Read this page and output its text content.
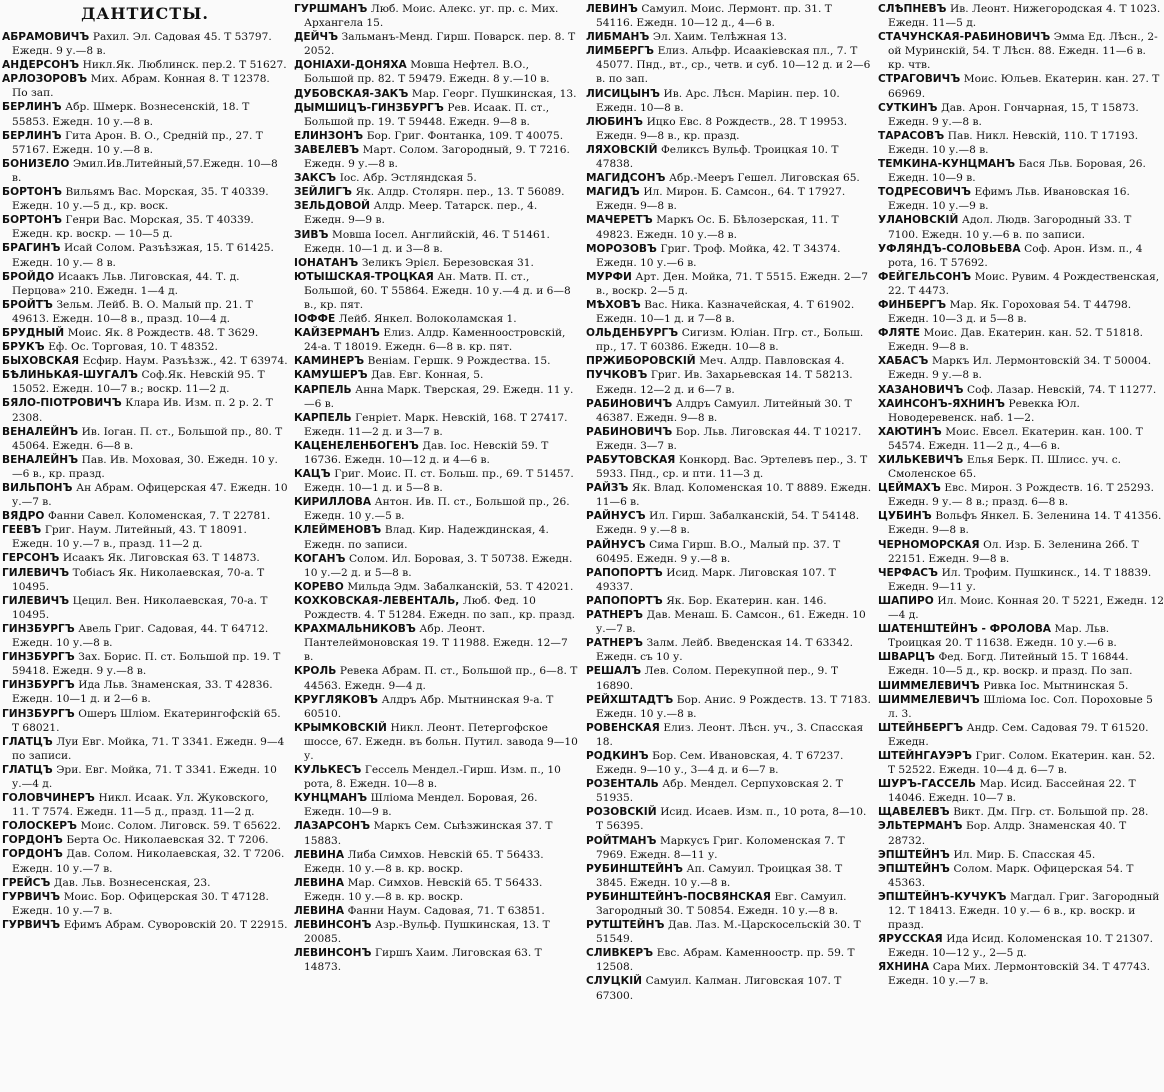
ДАНТИСТЫ.

АБРАМОВИЧЪ Рахил. Эл. Садовая 45. Т 53797. Ежедн. 9 у.—8 в.

АНДЕРСОНЪ Никл.Як. Люблинск. пер.2. Т 51627.

АРЛОЗОРОВЪ Мих. Абрам. Конная 8. Т 12378. По зап.

БЕРЛИНЪ Абр. Шмерк. Вознесенскій, 18. Т 55853. Ежедн. 10 у.—8 в.

БЕРЛИНЪ Гита Арон. В. О., Средній пр., 27. Т 57167. Ежедн. 10 у.—8 в.

БОНИЗЕЛО Эмил.Ив.Литейный,57.Ежедн. 10—8 в.

БОРТОНЪ Вильямъ Вас. Морская, 35. Т 40339. Ежедн. 10 у.—5 д., кр. воск.

БОРТОНЪ Генри Вас. Морская, 35. Т 40339. Ежедн. кр. воскр. — 10—5 д.

БРАГИНЪ Исай Солом. Разъѣзжая, 15. Т 61425. Ежедн. 10 у.— 8 в.

БРОЙДО Исаакъ Льв. Лиговская, 44. Т. д. Перцова» 210. Ежедн. 1—4 д.

БРОЙТЪ Зельм. Лейб. В. О. Малый пр. 21. Т 49613. Ежедн. 10—8 в., празд. 10—4 д.

БРУДНЫЙ Моис. Як. 8 Рождеств. 48. Т 3629.

БРУКЪ Еф. Ос. Торговая, 10. Т 48352.

БЫХОВСКАЯ Есфир. Наум. Разъѣзж., 42. Т 63974.

БѢЛИНЬКАЯ-ШУГАЛЪ Соф.Як. Невскій 95. Т 15052. Ежедн. 10—7 в.; воскр. 11—2 д.

БЯЛО-ПІОТРОВИЧЪ Клара Ив. Изм. п. 2 р. 2. Т 2308.

ВЕНАЛЕЙНЪ Ив. Іоган. П. ст., Большой пр., 80. Т 45064. Ежедн. 6—8 в.

ВЕНАЛЕЙНЪ Пав. Ив. Моховая, 30. Ежедн. 10 у.—6 в., кр. празд.

ВИЛЬПОНЪ Ан Абрам. Офицерская 47. Ежедн. 10 у.—7 в.

ВЯДРО Фанни Савел. Коломенская, 7. Т 22781.

ГЕЕВЪ Григ. Наум. Литейный, 43. Т 18091. Ежедн. 10 у.—7 в., празд. 11—2 д.

ГЕРСОНЪ Исаакъ Як. Лиговская 63. Т 14873.

ГИЛЕВИЧЪ Тобіасъ Як. Николаевская, 70-а. Т 10495.

ГИЛЕВИЧЪ Цецил. Вен. Николаевская, 70-а. Т 10495.

ГИНЗБУРГЪ Авель Григ. Садовая, 44. Т 64712. Ежедн. 10 у.—8 в.

ГИНЗБУРГЪ Зах. Борис. П. ст. Большой пр. 19. Т 59418. Ежедн. 9 у.—8 в.

ГИНЗБУРГЪ Ида Льв. Знаменская, 33. Т 42836. Ежедн. 10—1 д. и 2—6 в.

ГИНЗБУРГЪ Ошеръ Шліом. Екатерингофскій 65. Т 68021.

ГЛАТЦЪ Луи Евг. Мойка, 71. Т 3341. Ежедн. 9—4 по записи.

ГЛАТЦЪ Эри. Евг. Мойка, 71. Т 3341. Ежедн. 10 у.—4 д.

ГОЛОВЧИНЕРЪ Никл. Исаак. Ул. Жуковского, 11. Т 7574. Ежедн. 11—5 д., празд. 11—2 д.

ГОЛОСКЕРЪ Моис. Солом. Лиговск. 59. Т 65622.

ГОРДОНЪ Берта Ос. Николаевская 32. Т 7206.

ГОРДОНЪ Дав. Солом. Николаевская, 32. Т 7206. Ежедн. 10 у.—7 в.

ГРЕЙСЪ Дав. Льв. Вознесенская, 23.

ГУРВИЧЪ Моис. Бор. Офицерская 30. Т 47128. Ежедн. 10 у.—7 в.

ГУРВИЧЪ Ефимъ Абрам. Суворовскій 20. Т 22915.

ГУРШМАНЪ Люб. Моис. Алекс. уг. пр. с. Мих. Архангела 15.

ДЕЙЧЪ Зальманъ-Менд. Гирш. Поварск. пер. 8. Т 2052.

ДОНІАХИ-ДОНЯХА Мовша Нефтел. В.О., Большой пр. 82. Т 59479. Ежедн. 8 у.—10 в.

ДУБОВСКАЯ-ЗАКЪ Мар. Георг. Пушкинская, 13.

ДЫМШИЦЪ-ГИНЗБУРГЪ Рев. Исаак. П. ст., Большой пр. 19. Т 59448. Ежедн. 9—8 в.

ЕЛИНЗОНЪ Бор. Григ. Фонтанка, 109. Т 40075.

ЗАВЕЛЕВЪ Март. Солом. Загородный, 9. Т 7216. Ежедн. 9 у.—8 в.

ЗАКСЪ Іос. Абр. Эстляндская 5.

ЗЕЙЛИГЪ Як. Алдр. Столярн. пер., 13. Т 56089.

ЗЕЛЬДОВОЙ Алдр. Меер. Татарск. пер., 4. Ежедн. 9—9 в.

ЗИВЪ Мовша Іосел. Английскій, 46. Т 51461. Ежедн. 10—1 д. и 3—8 в.

ІОНАТАНЪ Зеликъ Эрієл. Березовская 31.

ЮТЫШСКАЯ-ТРОЦКАЯ Ан. Матв. П. ст., Большой, 60. Т 55864. Ежедн. 10 у.—4 д. и 6—8 в., кр. пят.

ІОФФЕ Лейб. Янкел. Волоколамская 1.

КАЙЗЕРМАНЪ Елиз. Алдр. Каменноостровскій, 24-а. Т 18019. Ежедн. 6—8 в. кр. пят.

КАМИНЕРЪ Веніам. Гершк. 9 Рождества. 15.

КАМУШЕРЪ Дав. Евг. Конная, 5.

КАРПЕЛЬ Анна Марк. Тверская, 29. Ежедн. 11 у.—6 в.

КАРПЕЛЬ Генріет. Марк. Невскій, 168. Т 27417. Ежедн. 11—2 д. и 3—7 в.

КАЦЕНЕЛЕНБОГЕНЪ Дав. Іос. Невскій 59. Т 16736. Ежедн. 10—12 д. и 4—6 в.

КАЦЪ Григ. Моис. П. ст. Больш. пр., 69. Т 51457. Ежедн. 10—1 д. и 5—8 в.

КИРИЛЛОВА Антон. Ив. П. ст., Большой пр., 26. Ежедн. 10 у.—5 в.

КЛЕЙМЕНОВЪ Влад. Кир. Надеждинская, 4. Ежедн. по записи.

КОГАНЪ Солом. Ил. Боровая, 3. Т 50738. Ежедн. 10 у.—2 д. и 5—8 в.

КОРЕВО Мильда Эдм. Забалканскій, 53. Т 42021.

КОХКОВСКАЯ-ЛЕВЕНТАЛЬ, Люб. Фед. 10 Рождеств. 4. Т 51284. Ежедн. по зап., кр. празд.

КРАХМАЛЬНИКОВЪ Абр. Леонт. Пантелеймоновская 19. Т 11988. Ежедн. 12—7 в.

КРОЛЬ Ревека Абрам. П. ст., Большой пр., 6—8. Т 44563. Ежедн. 9—4 д.

КРУГЛЯКОВЪ Алдръ Абр. Мытнинская 9-а. Т 60510.

КРЫМКОВСКІЙ Никл. Леонт. Петергофское шоссе, 67. Ежедн. въ больн. Путил. завода 9—10 у.

КУЛЬКЕСЪ Гессель Мендел.-Гирш. Изм. п., 10 рота, 8. Ежедн. 10—8 в.

КУНЦМАНЪ Шліома Мендел. Боровая, 26. Ежедн. 10—9 в.

ЛАЗАРСОНЪ Маркъ Сем. Сыѣзжинская 37. Т 15883.

ЛЕВИНА Либа Симхов. Невскій 65. Т 56433. Ежедн. 10 у.—8 в. кр. воскр.

ЛЕВИНА Мар. Симхов. Невскій 65. Т 56433. Ежедн. 10 у.—8 в. кр. воскр.

ЛЕВИНА Фанни Наум. Садовая, 71. Т 63851.

ЛЕВИНСОНЪ Азр.-Вульф. Пушкинская, 13. Т 20085.

ЛЕВИНСОНЪ Гиршъ Хаим. Лиговская 63. Т 14873.

ЛЕВИНЪ Самуил. Моис. Лермонт. пр. 31. Т 54116. Ежедн. 10—12 д., 4—6 в.

ЛИБМАНЪ Эл. Хаим. Телѣжная 13.

ЛИМБЕРГЪ Елиз. Альфр. Исаакіевская пл., 7. Т 45077. Пнд., вт., ср., четв. и суб. 10—12 д. и 2—6 в. по зап.

ЛИСИЦЫНЪ Ив. Арс. Лѣсн. Маріин. пер. 10. Ежедн. 10—8 в.

ЛЮБИНЪ Ицко Евс. 8 Рождеств., 28. Т 19953. Ежедн. 9—8 в., кр. празд.

ЛЯХОВСКІЙ Феликсъ Вульф. Троицкая 10. Т 47838.

МАГИДСОНЪ Абр.-Мееръ Гешел. Лиговская 65.

МАГИДЪ Ил. Мирон. Б. Самсон., 64. Т 17927. Ежедн. 9—8 в.

МАЧЕРЕТЪ Маркъ Ос. Б. Бѣлозерская, 11. Т 49823. Ежедн. 10 у.—8 в.

МОРОЗОВЪ Григ. Троф. Мойка, 42. Т 34374. Ежедн. 10 у.—6 в.

МУРФИ Арт. Ден. Мойка, 71. Т 5515. Ежедн. 2—7 в., воскр. 2—5 д.

МѢХОВЪ Вас. Ника. Казначейская, 4. Т 61902. Ежедн. 10—1 д. и 7—8 в.

ОЛЬДЕНБУРГЪ Сигизм. Юліан. Пгр. ст., Больш. пр., 17. Т 60386. Ежедн. 10—8 в.

ПРЖИБОРОВСКІЙ Меч. Алдр. Павловская 4.

ПУЧКОВЪ Григ. Ив. Захарьевская 14. Т 58213. Ежедн. 12—2 д. и 6—7 в.

РАБИНОВИЧЪ Алдръ Самуил. Литейный 30. Т 46387. Ежедн. 9—8 в.

РАБИНОВИЧЪ Бор. Льв. Лиговская 44. Т 10217. Ежедн. 3—7 в.

РАБУТОВСКАЯ Конкорд. Вас. Эртелевъ пер., 3. Т 5933. Пнд., ср. и пти. 11—3 д.

РАЙЗЪ Як. Влад. Коломенская 10. Т 8889. Ежедн. 11—6 в.

РАЙНУСЪ Ил. Гирш. Забалканскій, 54. Т 54148. Ежедн. 9 у.—8 в.

РАЙНУСЪ Сима Гирш. В.О., Малый пр. 37. Т 60495. Ежедн. 9 у.—8 в.

РАПОПОРТЪ Исид. Марк. Лиговская 107. Т 49337.

РАПОПОРТЪ Як. Бор. Екатерин. кан. 146.

РАТНЕРЪ Дав. Менаш. Б. Самсон., 61. Ежедн. 10 у.—7 в.

РАТНЕРЪ Залм. Лейб. Введенская 14. Т 63342. Ежедн. съ 10 у.

РЕШАЛЪ Лев. Солом. Перекупной пер., 9. Т 16890.

РЕЙХШТАДТЪ Бор. Анис. 9 Рождеств. 13. Т 7183. Ежедн. 10 у.—8 в.

РОВЕНСКАЯ Елиз. Леонт. Лѣсн. уч., 3. Спасская 18.

РОДКИНЪ Бор. Сем. Ивановская, 4. Т 67237. Ежедн. 9—10 у., 3—4 д. и 6—7 в.

РОЗЕНТАЛЬ Абр. Мендел. Серпуховская 2. Т 51935.

РОЗОВСКІЙ Исид. Исаев. Изм. п., 10 рота, 8—10. Т 56395.

РОЙТМАНЪ Маркусъ Григ. Коломенская 7. Т 7969. Ежедн. 8—11 у.

РУБИНШТЕЙНЪ Ап. Самуил. Троицкая 38. Т 3845. Ежедн. 10 у.—8 в.

РУБИНШТЕЙНЪ-ПОСВЯНСКАЯ Евг. Самуил. Загородный 30. Т 50854. Ежедн. 10 у.—8 в.

РУТШТЕЙНЪ Дав. Лаз. М.-Царскосельскій 30. Т 51549.

СЛИВКЕРЪ Евс. Абрам. Каменноостр. пр. 59. Т 12508.

СЛУЦКІЙ Самуил. Калман. Лиговская 107. Т 67300.

СЛѢПНЕВЪ Ив. Леонт. Нижегородская 4. Т 1023. Ежедн. 11—5 д.

СТАЧУНСКАЯ-РАБИНОВИЧЪ Эмма Ед. Лѣсн., 2-ой Муринскій, 54. Т Лѣсн. 88. Ежедн. 11—6 в. кр. чтв.

СТРАГОВИЧЪ Моис. Юльев. Екатерин. кан. 27. Т 66969.

СУТКИНЪ Дав. Арон. Гончарная, 15, Т 15873. Ежедн. 9 у.—8 в.

ТАРАСОВЪ Пав. Никл. Невскій, 110. Т 17193. Ежедн. 10 у.—8 в.

ТЕМКИНА-КУНЦМАНЪ Бася Льв. Боровая, 26. Ежедн. 10—9 в.

ТОДРЕСОВИЧЪ Ефимъ Льв. Ивановская 16. Ежедн. 10 у.—9 в.

УЛАНОВСКІЙ Адол. Людв. Загородный 33. Т 7100. Ежедн. 10 у.—6 в. по записи.

УФЛЯНДЪ-СОЛОВЬЕВА Соф. Арон. Изм. п., 4 рота, 16. Т 57692.

ФЕЙГЕЛЬСОНЪ Моис. Рувим. 4 Рождественская, 22. Т 4473.

ФИНБЕРГЪ Мар. Як. Гороховая 54. Т 44798. Ежедн. 10—3 д. и 5—8 в.

ФЛЯТЕ Моис. Дав. Екатерин. кан. 52. Т 51818. Ежедн. 9—8 в.

ХАБАСЪ Маркъ Ил. Лермонтовскій 34. Т 50004. Ежедн. 9 у.—8 в.

ХАЗАНОВИЧЪ Соф. Лазар. Невскій, 74. Т 11277.

ХАИНСОНЪ-ЯХНИНЪ Ревекка Юл. Новодеревенск. наб. 1—2.

ХАЮТИНЪ Моис. Евсел. Екатерин. кан. 100. Т 54574. Ежедн. 11—2 д., 4—6 в.

ХИЛЬКЕВИЧЪ Елья Берк. П. Шлисс. уч. с. Смоленское 65.

ЦЕЙМАХЪ Евс. Мирон. 3 Рождеств. 16. Т 25293. Ежедн. 9 у.— 8 в.; празд. 6—8 в.

ЦУБИНЪ Вольфъ Янкел. Б. Зеленина 14. Т 41356. Ежедн. 9—8 в.

ЧЕРНОМОРСКАЯ Ол. Изр. Б. Зеленина 26б. Т 22151. Ежедн. 9—8 в.

ЧЕРФАСЪ Ил. Трофим. Пушкинск., 14. Т 18839. Ежедн. 9—11 у.

ШАПИРО Ил. Моис. Конная 20. Т 5221, Ежедн. 12—4 д.

ШАТЕНШТЕЙНЪ - ФРОЛОВА Мар. Льв. Троицкая 20. Т 11638. Ежедн. 10 у.—6 в.

ШВАРЦЪ Фед. Богд. Литейный 15. Т 16844. Ежедн. 10—5 д., кр. воскр. и празд. По зап.

ШИММЕЛЕВИЧЪ Ривка Іос. Мытнинская 5.

ШИММЕЛЕВИЧЪ Шліома Іос. Сол. Пороховые 5 л. 3.

ШТЕЙНБЕРГЪ Андр. Сем. Садовая 79. Т 61520. Ежедн.

ШТЕЙНГАУЭРЪ Григ. Солом. Екатерин. кан. 52. Т 52522. Ежедн. 10—4 д. 6—7 в.

ШУРЪ-ГАССЕЛЬ Мар. Исид. Бассейная 22. Т 14046. Ежедн. 10—7 в.

ЩАВЕЛЕВЪ Викт. Дм. Пгр. ст. Большой пр. 28.

ЭЛЬТЕРМАНЪ Бор. Алдр. Знаменская 40. Т 28732.

ЭПШТЕЙНЪ Ил. Мир. Б. Спасская 45.

ЭПШТЕЙНЪ Солом. Марк. Офицерская 54. Т 45363.

ЭПШТЕЙНЪ-КУЧУКЪ Магдал. Григ. Загородный 12. Т 18413. Ежедн. 10 у.— 6 в., кр. воскр. и празд.

ЯРУССКАЯ Ида Исид. Коломенская 10. Т 21307. Ежедн. 10—12 у., 2—5 д.

ЯХНИНА Сара Мих. Лермонтовскій 34. Т 47743. Ежедн. 10 у.—7 в.
